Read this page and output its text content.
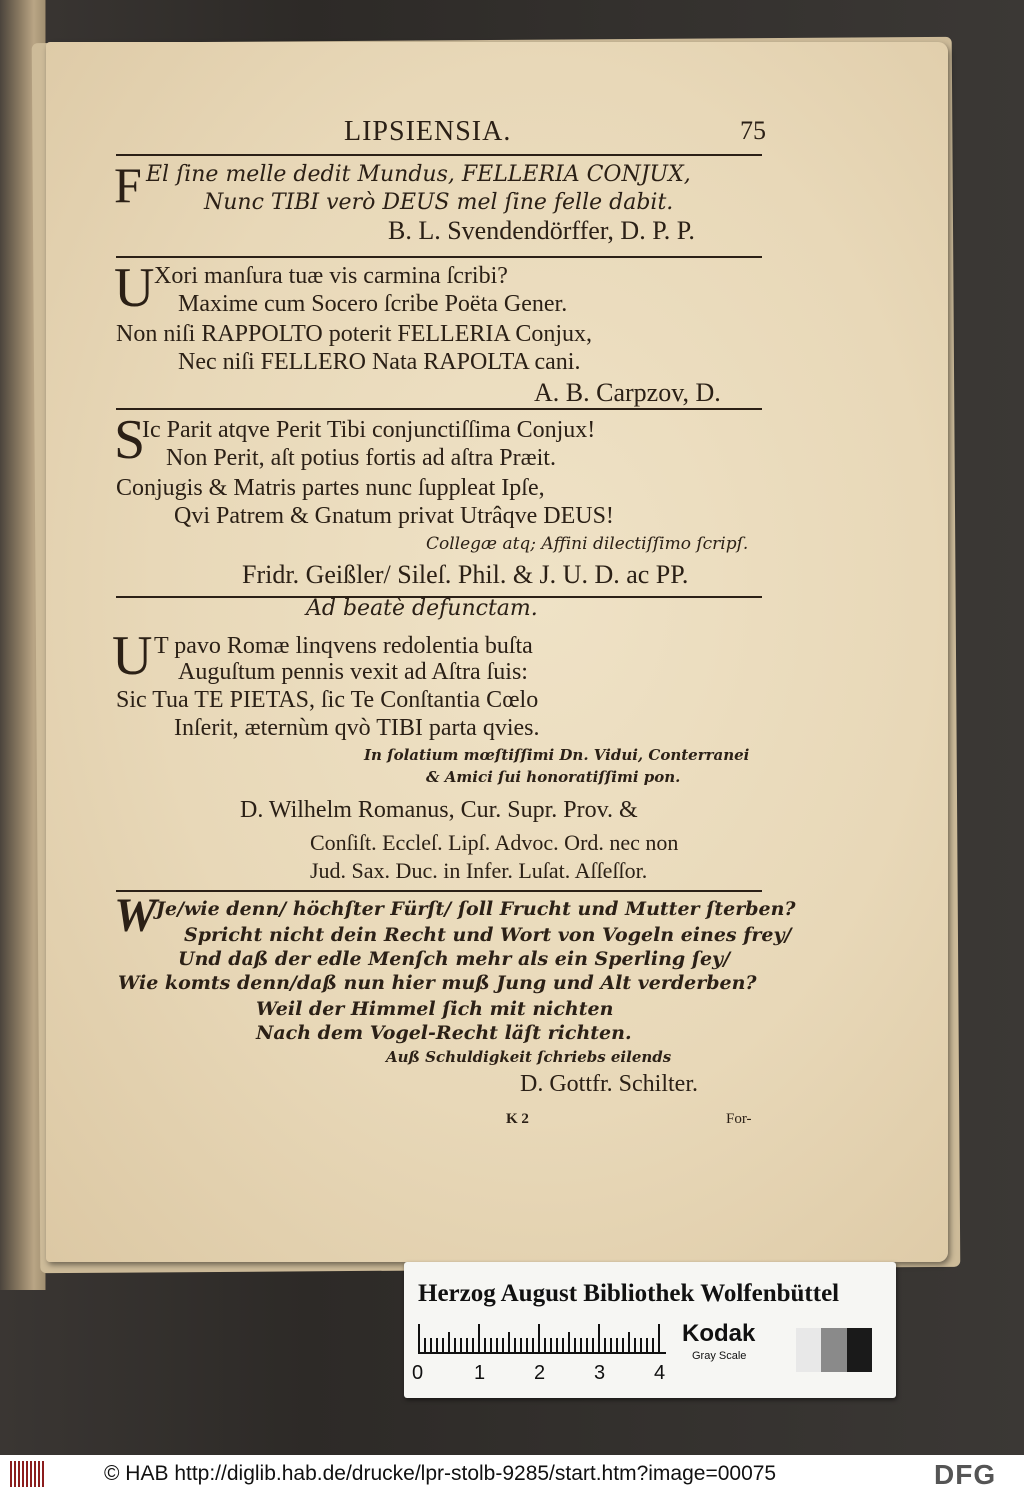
LIPSIENSIA.	75
F El ſine melle dedit Mundus, FELLERIA CONJUX,
Nunc TIBI verò DEUS mel ſine felle dabit.
B. L. Svendendörffer, D. P. P.
U Xori manſura tuæ vis carmina ſcribi?
Maxime cum Socero ſcribe Poëta Gener.
Non niſi RAPPOLTO poterit FELLERIA Conjux,
Nec niſi FELLERO Nata RAPOLTA cani.
A. B. Carpzov, D.
S
Ic Parit atqve Perit Tibi conjunctiſſima Conjux!
Non Perit, aſt potius fortis ad aſtra Præit.
Conjugis & Matris partes nunc ſuppleat Ipſe,
Qvi Patrem & Gnatum privat Utrâqve DEUS!
Collegæ atq; Affini dilectiſſimo ſcripſ.
Fridr. Geißler/ Sileſ. Phil. & J. U. D. ac PP.
Ad beatè defunctam.
U T pavo Romæ linqvens redolentia buſta
Auguſtum pennis vexit ad Aſtra ſuis:
Sic Tua TE PIETAS, ſic Te Conſtantia Cœlo
Inſerit, æternùm qvò TIBI parta qvies.
In ſolatium mœſtiſſimi Dn. Vidui, Conterranei
& Amici ſui honoratiſſimi pon.
D. Wilhelm Romanus, Cur. Supr. Prov. &
Conſiſt. Eccleſ. Lipſ. Advoc. Ord. nec non
Jud. Sax. Duc. in Infer. Luſat. Aſſeſſor.
W Je/wie denn/ höchſter Fürſt/ ſoll Frucht und Mutter ſterben?
Spricht nicht dein Recht und Wort von Vogeln eines frey/
Und daß der edle Menſch mehr als ein Sperling ſey/
Wie komts denn/daß nun hier muß Jung und Alt verderben?
Weil der Himmel ſich mit nichten
Nach dem Vogel-Recht läſt richten.
Auß Schuldigkeit ſchriebs eilends
D. Gottfr. Schilter.
K 2	For-
Herzog August Bibliothek Wolfenbüttel
0	1 2 3 4
Kodak
Gray Scale
© HAB http://diglib.hab.de/drucke/lpr-stolb-9285/start.htm?image=00075	DFG
